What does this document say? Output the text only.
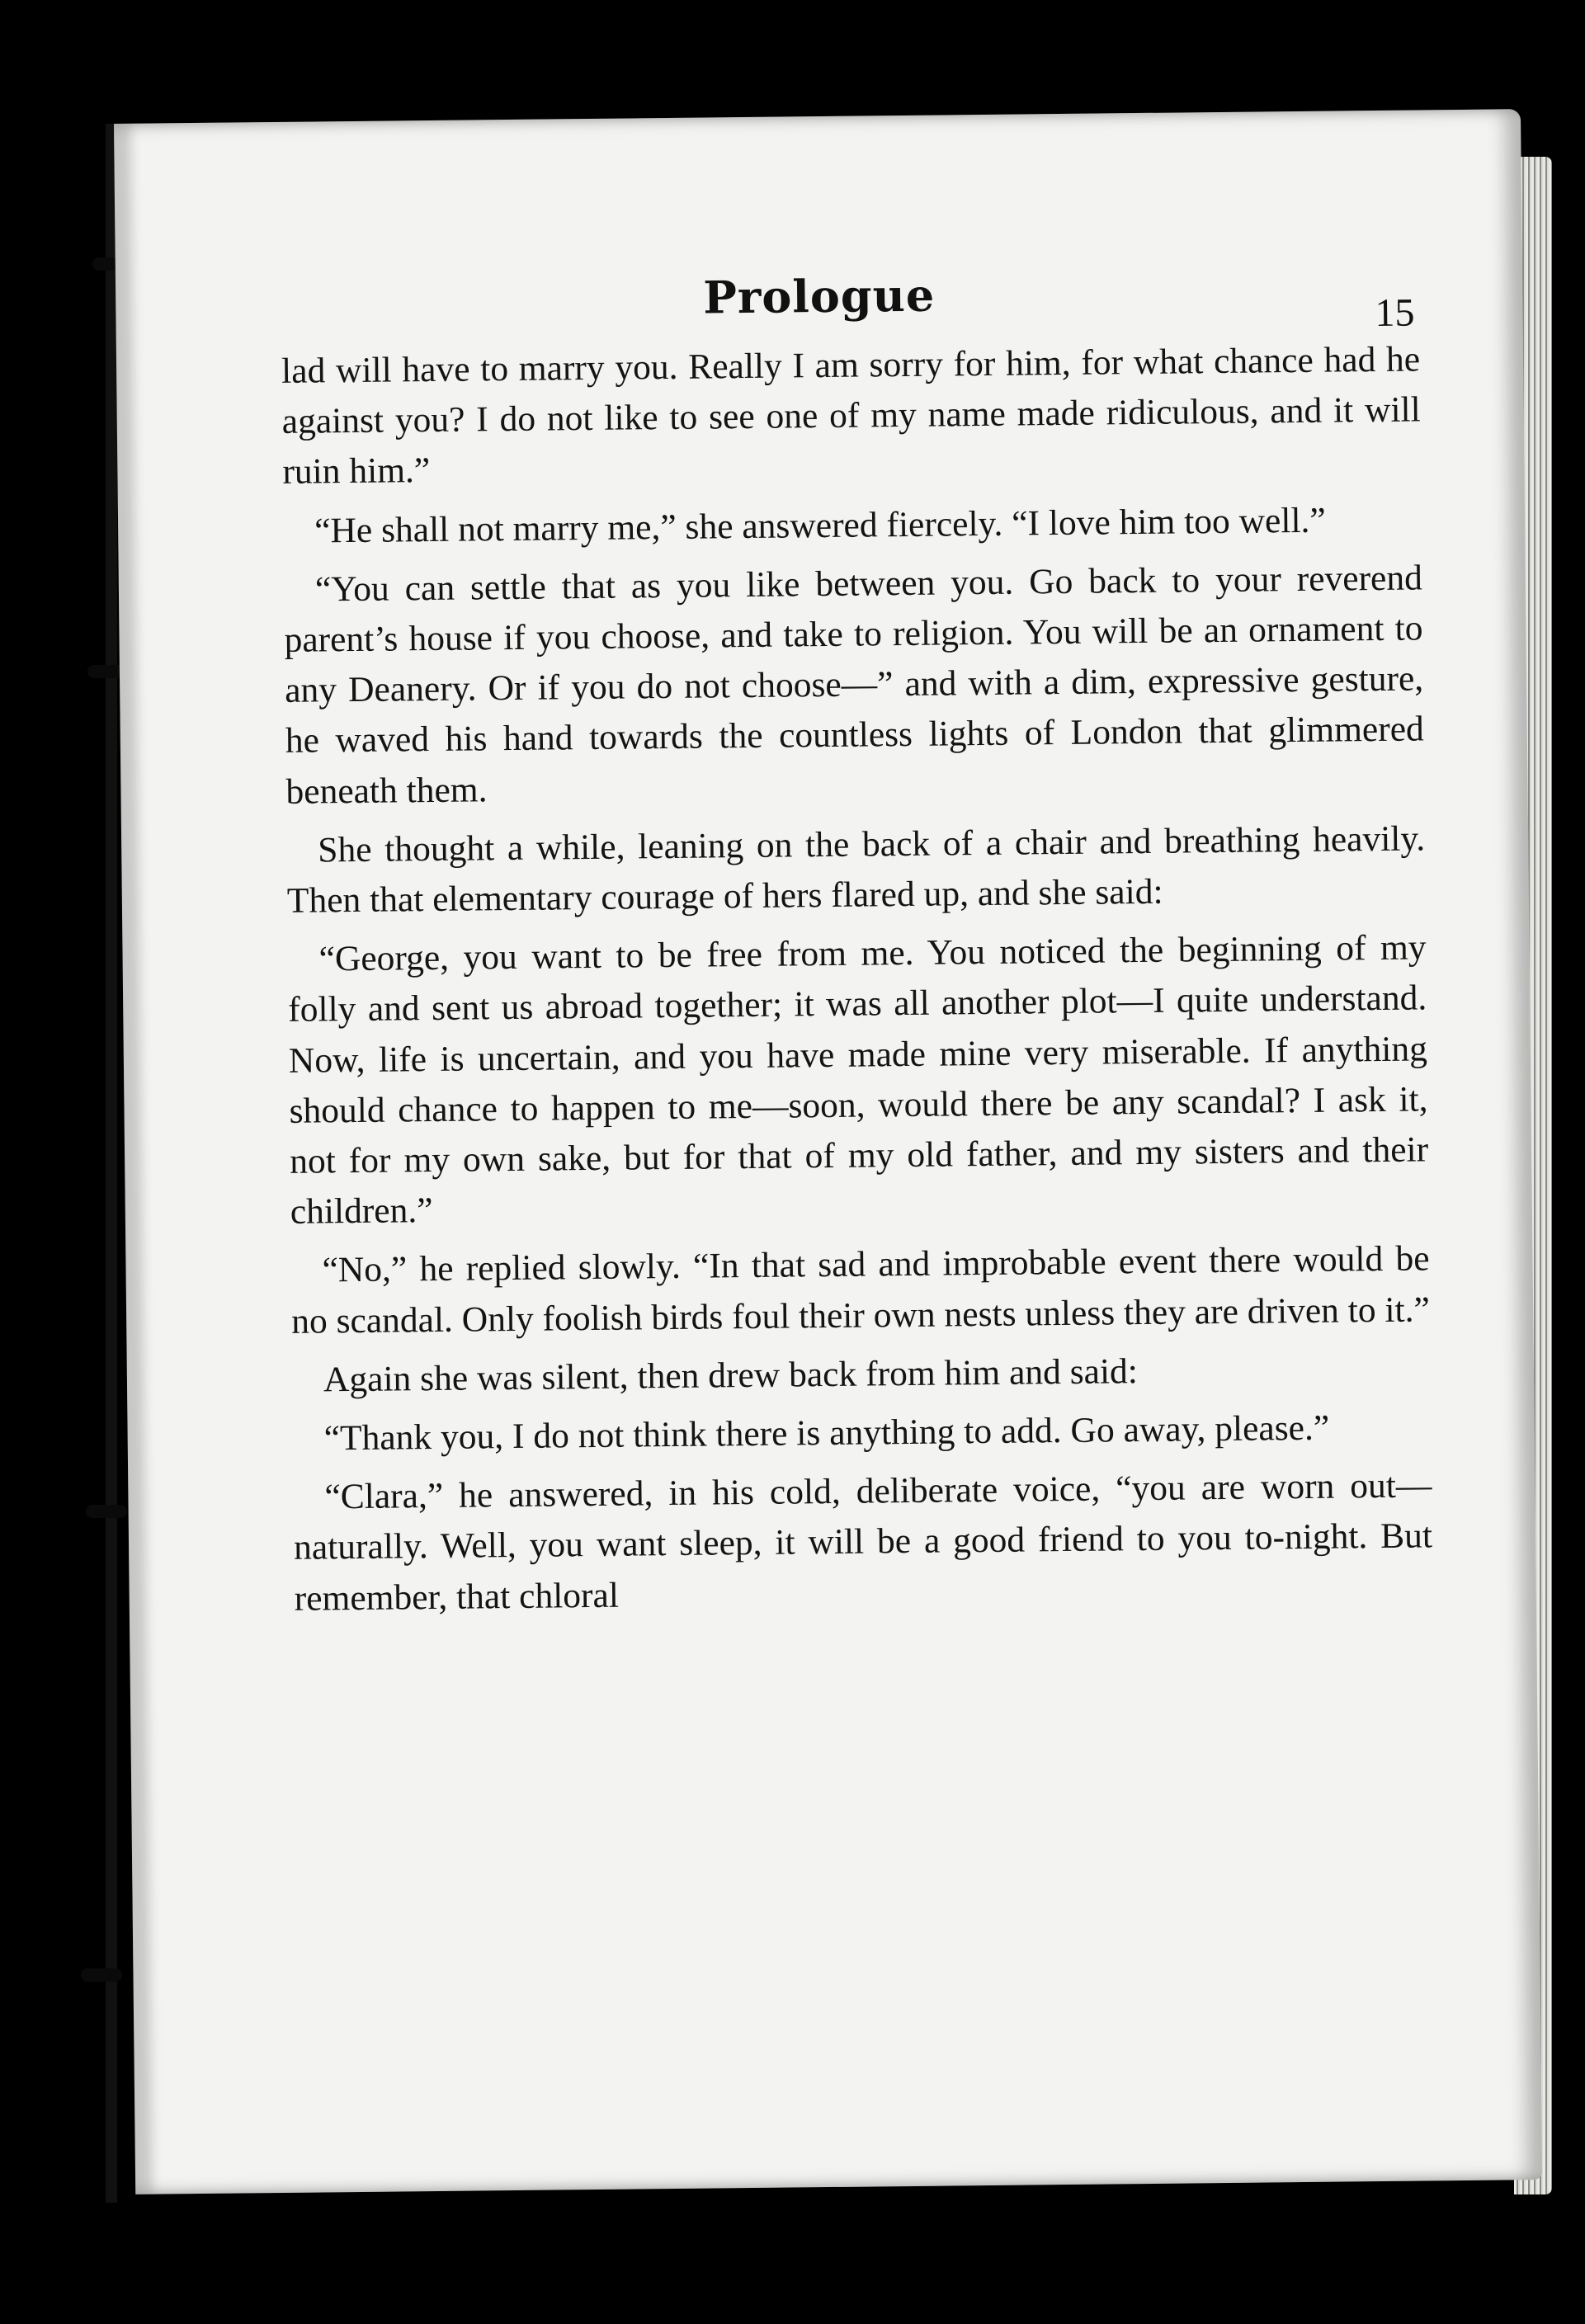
Prologue	15

lad will have to marry you. Really I am sorry for him, for what chance had he against you? I do not like to see one of my name made ridiculous, and it will ruin him.”

“He shall not marry me,” she answered fiercely. “I love him too well.”

“You can settle that as you like between you. Go back to your reverend parent’s house if you choose, and take to religion. You will be an ornament to any Deanery. Or if you do not choose—” and with a dim, expressive gesture, he waved his hand towards the countless lights of London that glimmered beneath them.

She thought a while, leaning on the back of a chair and breathing heavily. Then that elementary courage of hers flared up, and she said:

“George, you want to be free from me. You noticed the beginning of my folly and sent us abroad together; it was all another plot—I quite understand. Now, life is uncertain, and you have made mine very miserable. If anything should chance to happen to me—soon, would there be any scandal? I ask it, not for my own sake, but for that of my old father, and my sisters and their children.”

“No,” he replied slowly. “In that sad and improbable event there would be no scandal. Only foolish birds foul their own nests unless they are driven to it.”

Again she was silent, then drew back from him and said:

“Thank you, I do not think there is anything to add. Go away, please.”

“Clara,” he answered, in his cold, deliberate voice, “you are worn out—naturally. Well, you want sleep, it will be a good friend to you to-night. But remember, that chloral
